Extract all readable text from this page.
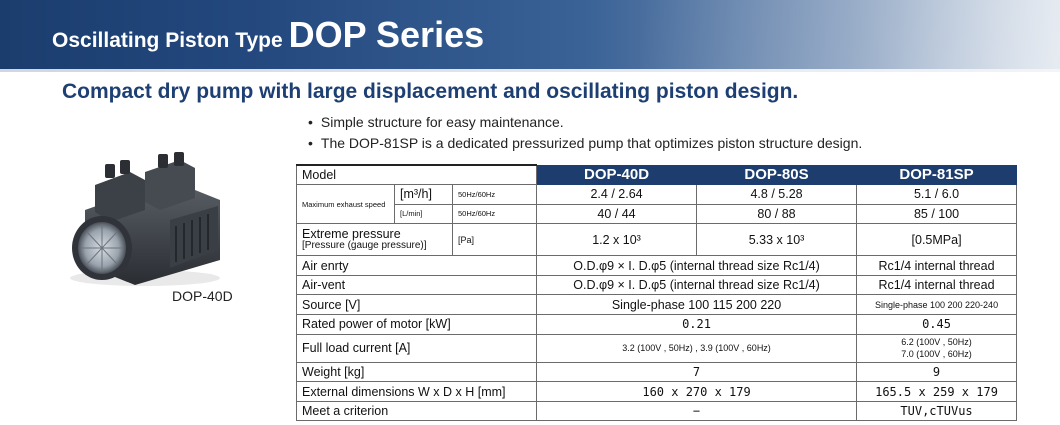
Oscillating Piston Type DOP Series
Compact dry pump with large displacement and oscillating piston design.
• Simple structure for easy maintenance.
• The DOP-81SP is a dedicated pressurized pump that optimizes piston structure design.
DOP-40D
Model			DOP-40D	DOP-80S	DOP-81SP
Maximum exhaust speed	[m³/h]	50Hz/60Hz	2.4 / 2.64	4.8 / 5.28	5.1 / 6.0
	[L/min]	50Hz/60Hz	40 / 44	80 / 88	85 / 100

Extreme pressure
[Pressure (gauge pressure)]		[Pa]	1.2 x 10³	5.33 x 10³	[0.5MPa]
Air enrty			O.D.φ9 × I. D.φ5 (internal thread size Rc1/4)		Rc1/4 internal thread
Air-vent			O.D.φ9 × I. D.φ5 (internal thread size Rc1/4)		Rc1/4 internal thread
Source [V]			Single-phase 100 115 200 220		Single-phase 100 200 220-240
Rated power of motor [kW]			0.21		0.45
Full load current [A]			3.2 (100V , 50Hz) , 3.9 (100V , 60Hz)		6.2 (100V , 50Hz)
7.0 (100V , 60Hz)

Weight [kg]			7		9
External dimensions W x D x H [mm]			160 x 270 x 179		165.5 x 259 x 179
Meet a criterion			−		TUV,cTUVus
